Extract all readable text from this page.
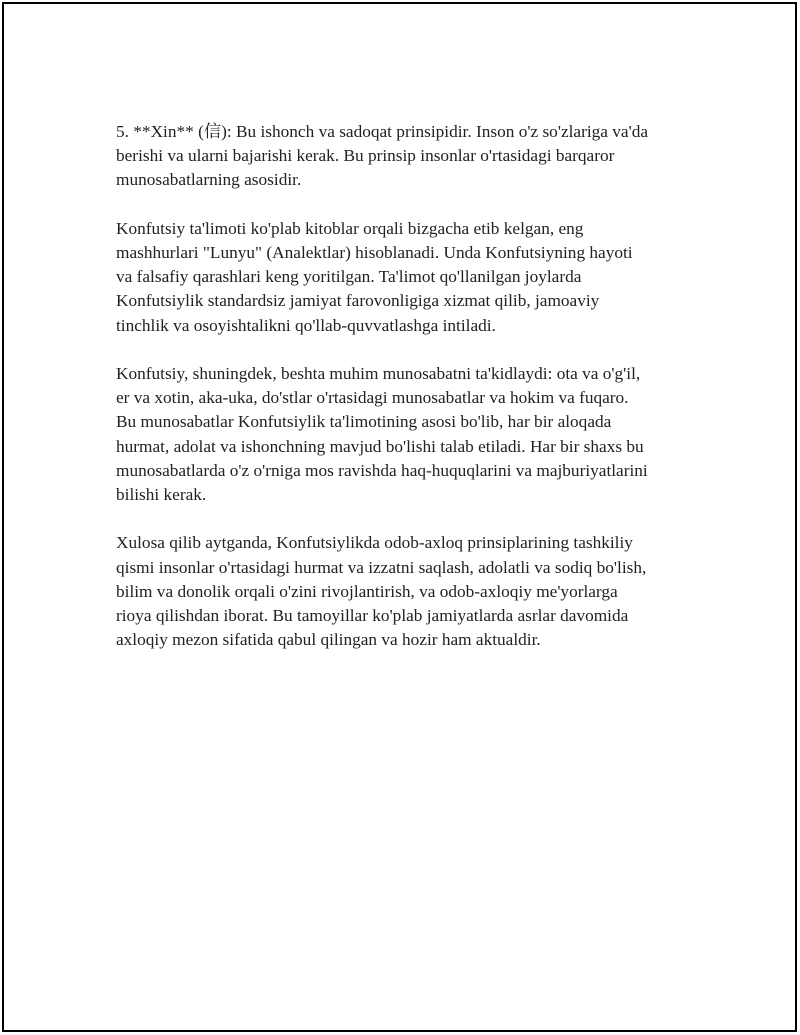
5. **Xin** (信): Bu ishonch va sadoqat prinsipidir. Inson o'z so'zlariga va'da
berishi va ularni bajarishi kerak. Bu prinsip insonlar o'rtasidagi barqaror
munosabatlarning asosidir.

Konfutsiy ta'limoti ko'plab kitoblar orqali bizgacha etib kelgan, eng
mashhurlari "Lunyu" (Analektlar) hisoblanadi. Unda Konfutsiyning hayoti
va falsafiy qarashlari keng yoritilgan. Ta'limot qo'llanilgan joylarda
Konfutsiylik standardsiz jamiyat farovonligiga xizmat qilib, jamoaviy
tinchlik va osoyishtalikni qo'llab-quvvatlashga intiladi.

Konfutsiy, shuningdek, beshta muhim munosabatni ta'kidlaydi: ota va o'g'il,
er va xotin, aka-uka, do'stlar o'rtasidagi munosabatlar va hokim va fuqaro.
Bu munosabatlar Konfutsiylik ta'limotining asosi bo'lib, har bir aloqada
hurmat, adolat va ishonchning mavjud bo'lishi talab etiladi. Har bir shaxs bu
munosabatlarda o'z o'rniga mos ravishda haq-huquqlarini va majburiyatlarini
bilishi kerak.

Xulosa qilib aytganda, Konfutsiylikda odob-axloq prinsiplarining tashkiliy
qismi insonlar o'rtasidagi hurmat va izzatni saqlash, adolatli va sodiq bo'lish,
bilim va donolik orqali o'zini rivojlantirish, va odob-axloqiy me'yorlarga
rioya qilishdan iborat. Bu tamoyillar ko'plab jamiyatlarda asrlar davomida
axloqiy mezon sifatida qabul qilingan va hozir ham aktualdir.
